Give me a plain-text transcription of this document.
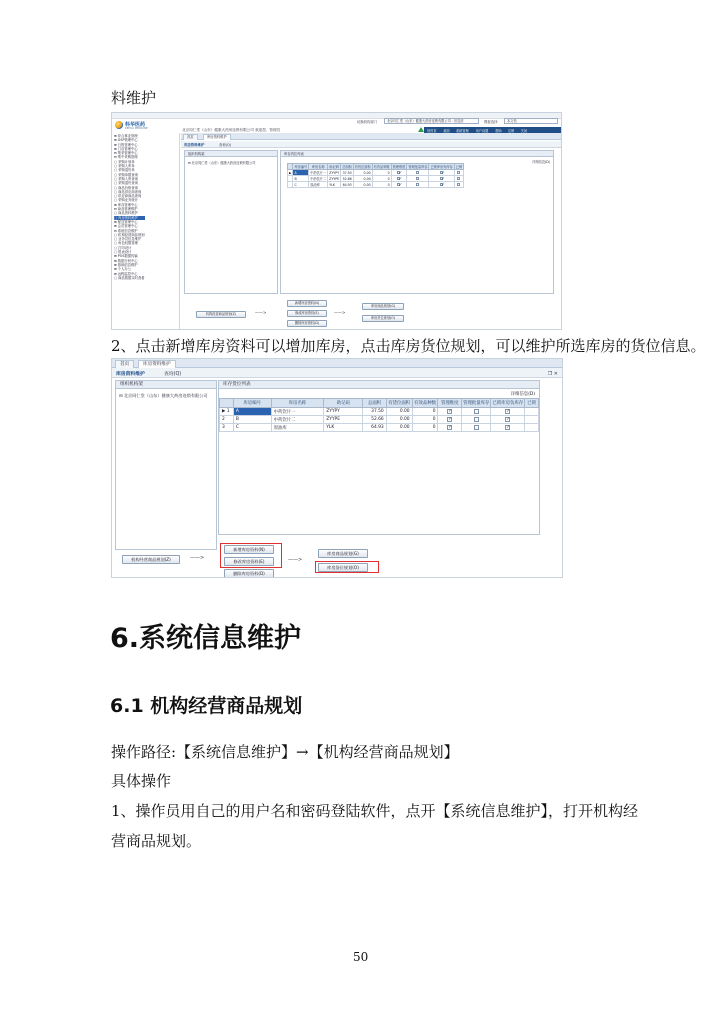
料维护
科华医药
KEHUA MEDICINE	北京同仁堂（山东）健康大药房连锁有限公司 欢迎您，管理员
切换机构部门	北京同仁堂（山东）健康大药房连锁有限公司 - 信息部	模板选择	本文档
回首页 桌面 系统管理 用户设置 帮助 注销 关闭
⊞ 综合事业管理
⊞ GSP管理中心
⊞ 日报管理中心
⊞ 门店管理中心
⊟ 集采管理中心
⊟ 集中采购管理
▢ 采购计划单
▢ 采购入库单
▢ 采购退货单
▢ 采购单据查询
▢ 采购入库查询
▢ 采购退货查询
▢ 商品价格查询
▢ 商品供应商查询
▢ 供应商商品查询
▢ 采购业务统计
⊞ 库存管理中心
⊟ 商品管理维护
▢ 商品资料维护
▢ 库房资料维护
⊞ 配送管理中心
⊞ 会员管理中心
⊟ 系统信息维护
▢ 机构经营商品规划
▢ 业务员信息维护
▢ 角色权限管理
▢ 打印设计
▢ 报表设计
⊞ POS数据传输
⊞ 数据分析中心
⊞ 基础信息维护
⊞ 个人办公
⊞ 远程监控中心
▢ 商品数据实时查看
首页	库房资料维护
库房资料维护	查询(Q)
组织机构架
⊟ 北京同仁堂（山东）健康大药房连锁有限公司
库存货位列表
详细信息(D)
	库房编号	库房名称	助记码	总面积	有货位面积	有效品种数	管理维度	管理批量库存	已锁库房负库存	已锁
▶	A	中药饮片一	ZYYPY	37.50	0.00	0	✓		✓	
	B	中药饮片二	ZYYPE	52.66	0.00	0	✓		✓	
	C	原油库	YLK	64.93	0.00	0	✓		✓	
机构经营商品规划(Z)	——>
新增库房资料(N)
修改库房资料(E)
删除库房资料(D)
——>
库房商品规划(G)
库房货位规划(O)
2、点击新增库房资料可以增加库房，点击库房货位规划，可以维护所选库房的货位信息。
首页	库房资料维护
库房资料维护	查询(Q)	❐ ✕
组织机构架
⊟ 北京同仁堂（山东）健康大药房连锁有限公司
库存货位列表
详细信息(D)
	库房编号	库房名称	助记码	总面积	有货位面积	有效品种数	管理维度	管理批量库存	已锁库房负库存	已锁
▶ 1	A	中药饮片一	ZYYPY	37.50	0.00	0	✓		✓	
2	B	中药饮片二	ZYYPE	52.66	0.00	0	✓		✓	
3	C	原油库	YLK	64.93	0.00	0	✓		✓	
机构经营商品规划(Z)	——>
新增库房资料(N)
修改库房资料(E)
删除库房资料(D)
——>
库房商品规划(G)
库房货位规划(O)
6.系统信息维护
6.1 机构经营商品规划
操作路径:【系统信息维护】→【机构经营商品规划】
具体操作
1、操作员用自己的用户名和密码登陆软件，点开【系统信息维护】，打开机构经
营商品规划。
50
